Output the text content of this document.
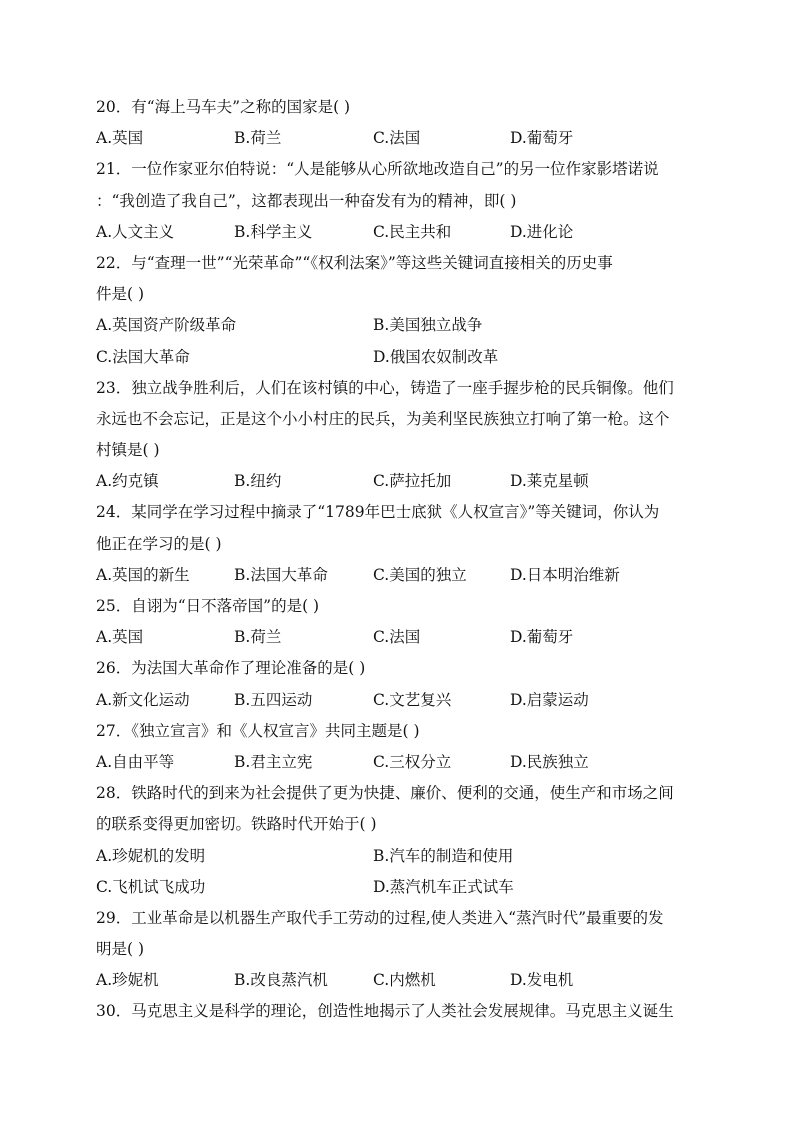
20．有“海上马车夫”之称的国家是( )
A.英国	B.荷兰	C.法国	D.葡萄牙
21．一位作家亚尔伯特说：“人是能够从心所欲地改造自己”的另一位作家影塔诺说
：“我创造了我自己”，这都表现出一种奋发有为的精神，即( )
A.人文主义	B.科学主义	C.民主共和	D.进化论
22．与“查理一世”“光荣革命”“《权利法案》”等这些关键词直接相关的历史事
件是( )
A.英国资产阶级革命	B.美国独立战争
C.法国大革命	D.俄国农奴制改革
23．独立战争胜利后，人们在该村镇的中心，铸造了一座手握步枪的民兵铜像。他们
永远也不会忘记，正是这个小小村庄的民兵，为美利坚民族独立打响了第一枪。这个
村镇是( )
A.约克镇	B.纽约	C.萨拉托加	D.莱克星顿
24．某同学在学习过程中摘录了“1789年巴士底狱《人权宣言》”等关键词，你认为
他正在学习的是( )
A.英国的新生	B.法国大革命	C.美国的独立	D.日本明治维新
25．自诩为“日不落帝国”的是( )
A.英国	B.荷兰	C.法国	D.葡萄牙
26．为法国大革命作了理论准备的是( )
A.新文化运动	B.五四运动	C.文艺复兴	D.启蒙运动
27．《独立宣言》和《人权宣言》共同主题是( )
A.自由平等	B.君主立宪	C.三权分立	D.民族独立
28．铁路时代的到来为社会提供了更为快捷、廉价、便利的交通，使生产和市场之间
的联系变得更加密切。铁路时代开始于( )
A.珍妮机的发明	B.汽车的制造和使用
C.飞机试飞成功	D.蒸汽机车正式试车
29．工业革命是以机器生产取代手工劳动的过程,使人类进入“蒸汽时代”最重要的发
明是( )
A.珍妮机	B.改良蒸汽机	C.内燃机	D.发电机
30．马克思主义是科学的理论，创造性地揭示了人类社会发展规律。马克思主义诞生
